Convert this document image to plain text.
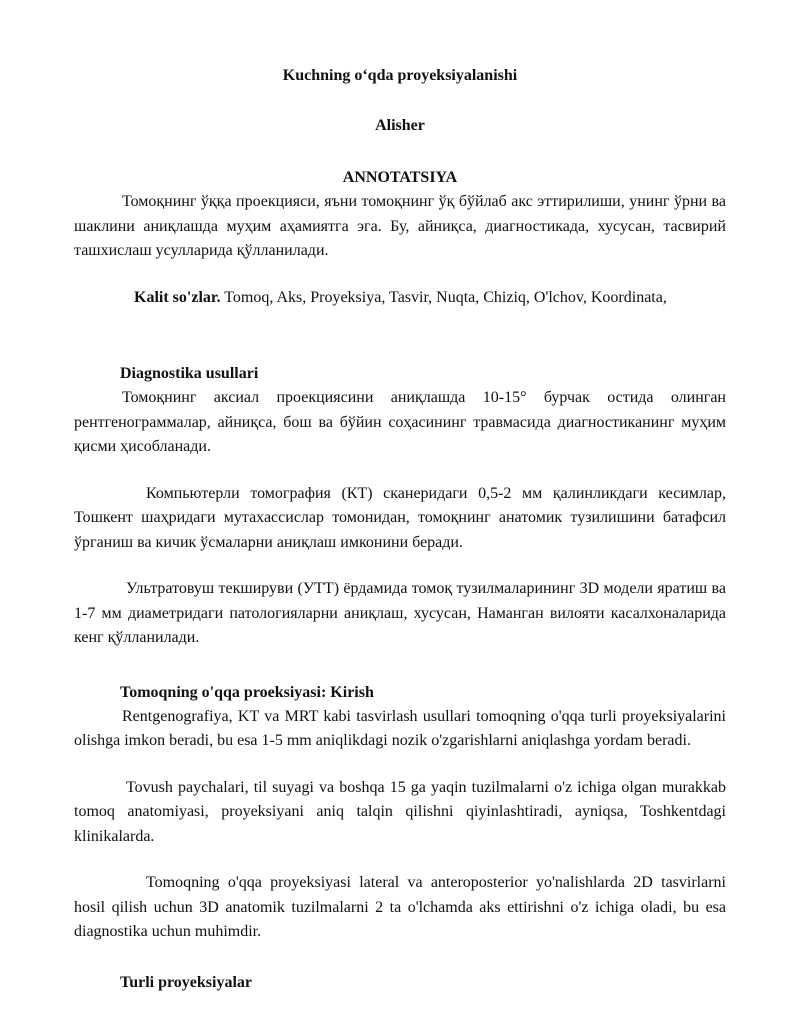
Kuchning o‘qda proyeksiyalanishi

Alisher

ANNOTATSIYA

Томоқнинг ўққа проекцияси, яъни томоқнинг ўқ бўйлаб акс эттирилиши, унинг ўрни ва шаклини аниқлашда муҳим аҳамиятга эга. Бу, айниқса, диагностикада, хусусан, тасвирий ташхислаш усулларида қўлланилади.

Kalit so'zlar. Tomoq, Aks, Proyeksiya, Tasvir, Nuqta, Chiziq, O'lchov, Koordinata,

Diagnostika usullari

Томоқнинг аксиал проекциясини аниқлашда 10-15° бурчак остида олинган рентгенограммалар, айниқса, бош ва бўйин соҳасининг травмасида диагностиканинг муҳим қисми ҳисобланади.

Компьютерли томография (КТ) сканеридаги 0,5-2 мм қалинликдаги кесимлар, Тошкент шаҳридаги мутахассислар томонидан, томоқнинг анатомик тузилишини батафсил ўрганиш ва кичик ўсмаларни аниқлаш имконини беради.

Ультратовуш текшируви (УТТ) ёрдамида томоқ тузилмаларининг 3D модели яратиш ва 1-7 мм диаметридаги патологияларни аниқлаш, хусусан, Наманган вилояти касалхоналарида кенг қўлланилади.

Tomoqning o'qqa proeksiyasi: Kirish

Rentgenografiya, KT va MRT kabi tasvirlash usullari tomoqning o'qqa turli proyeksiyalarini olishga imkon beradi, bu esa 1-5 mm aniqlikdagi nozik o'zgarishlarni aniqlashga yordam beradi.

Tovush paychalari, til suyagi va boshqa 15 ga yaqin tuzilmalarni o'z ichiga olgan murakkab tomoq anatomiyasi, proyeksiyani aniq talqin qilishni qiyinlashtiradi, ayniqsa, Toshkentdagi klinikalarda.

Tomoqning o'qqa proyeksiyasi lateral va anteroposterior yo'nalishlarda 2D tasvirlarni hosil qilish uchun 3D anatomik tuzilmalarni 2 ta o'lchamda aks ettirishni o'z ichiga oladi, bu esa diagnostika uchun muhimdir.

Turli proyeksiyalar
